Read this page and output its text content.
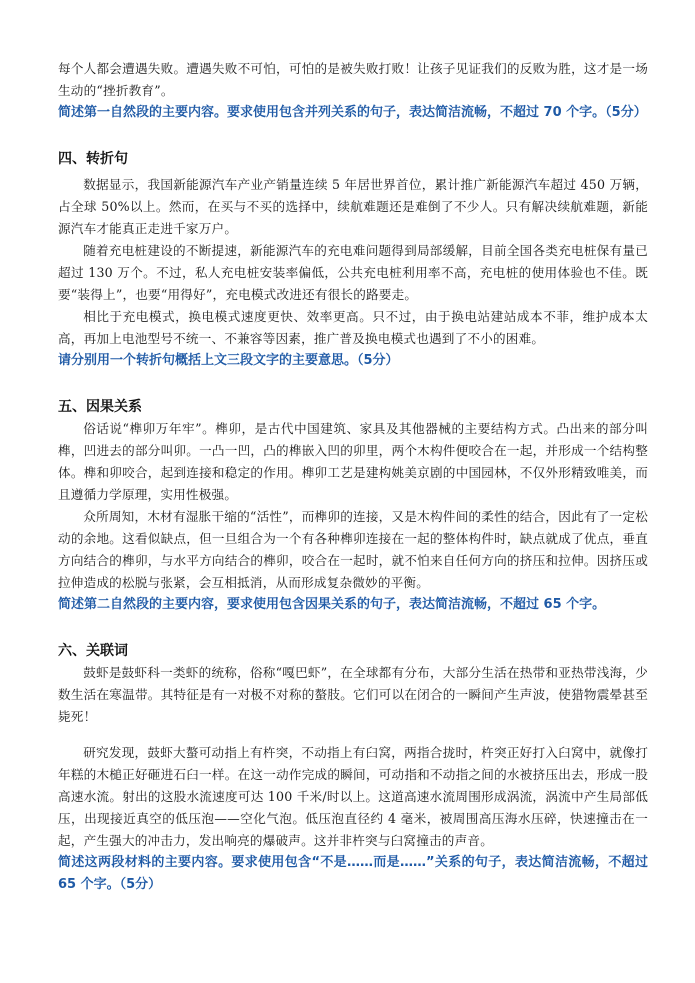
每个人都会遭遇失败。遭遇失败不可怕，可怕的是被失败打败！让孩子见证我们的反败为胜，这才是一场生动的“挫折教育”。

简述第一自然段的主要内容。要求使用包含并列关系的句子，表达简洁流畅，不超过 70 个字。（5分）

四、转折句

数据显示，我国新能源汽车产业产销量连续 5 年居世界首位，累计推广新能源汽车超过 450 万辆，占全球 50%以上。然而，在买与不买的选择中，续航难题还是难倒了不少人。只有解决续航难题，新能源汽车才能真正走进千家万户。

随着充电桩建设的不断提速，新能源汽车的充电难问题得到局部缓解，目前全国各类充电桩保有量已超过 130 万个。不过，私人充电桩安装率偏低，公共充电桩利用率不高，充电桩的使用体验也不佳。既要“装得上”，也要“用得好”，充电模式改进还有很长的路要走。

相比于充电模式，换电模式速度更快、效率更高。只不过，由于换电站建站成本不菲，维护成本太高，再加上电池型号不统一、不兼容等因素，推广普及换电模式也遇到了不小的困难。

请分别用一个转折句概括上文三段文字的主要意思。（5分）

五、因果关系

俗话说“榫卯万年牢”。榫卯，是古代中国建筑、家具及其他器械的主要结构方式。凸出来的部分叫榫，凹进去的部分叫卯。一凸一凹，凸的榫嵌入凹的卯里，两个木构件便咬合在一起，并形成一个结构整体。榫和卯咬合，起到连接和稳定的作用。榫卯工艺是建构姚美京剧的中国园林，不仅外形精致唯美，而且遵循力学原理，实用性极强。

众所周知，木材有湿胀干缩的“活性”，而榫卯的连接，又是木构件间的柔性的结合，因此有了一定松动的余地。这看似缺点，但一旦组合为一个有各种榫卯连接在一起的整体构件时，缺点就成了优点，垂直方向结合的榫卯，与水平方向结合的榫卯，咬合在一起时，就不怕来自任何方向的挤压和拉伸。因挤压或拉伸造成的松脱与张紧，会互相抵消，从而形成复杂微妙的平衡。

简述第二自然段的主要内容，要求使用包含因果关系的句子，表达简洁流畅，不超过 65 个字。

六、关联词

鼓虾是鼓虾科一类虾的统称，俗称“嘎巴虾”，在全球都有分布，大部分生活在热带和亚热带浅海，少数生活在寒温带。其特征是有一对极不对称的螯肢。它们可以在闭合的一瞬间产生声波，使猎物震晕甚至毙死！

研究发现，鼓虾大螯可动指上有杵突，不动指上有臼窝，两指合拢时，杵突正好打入臼窝中，就像打年糕的木槌正好砸进石臼一样。在这一动作完成的瞬间，可动指和不动指之间的水被挤压出去，形成一股高速水流。射出的这股水流速度可达 100 千米/时以上。这道高速水流周围形成涡流，涡流中产生局部低压，出现接近真空的低压泡——空化气泡。低压泡直径约 4 毫米，被周围高压海水压碎，快速撞击在一起，产生强大的冲击力，发出响亮的爆破声。这并非杵突与臼窝撞击的声音。

简述这两段材料的主要内容。要求使用包含“不是……而是……”关系的句子，表达简洁流畅，不超过 65 个字。（5分）
